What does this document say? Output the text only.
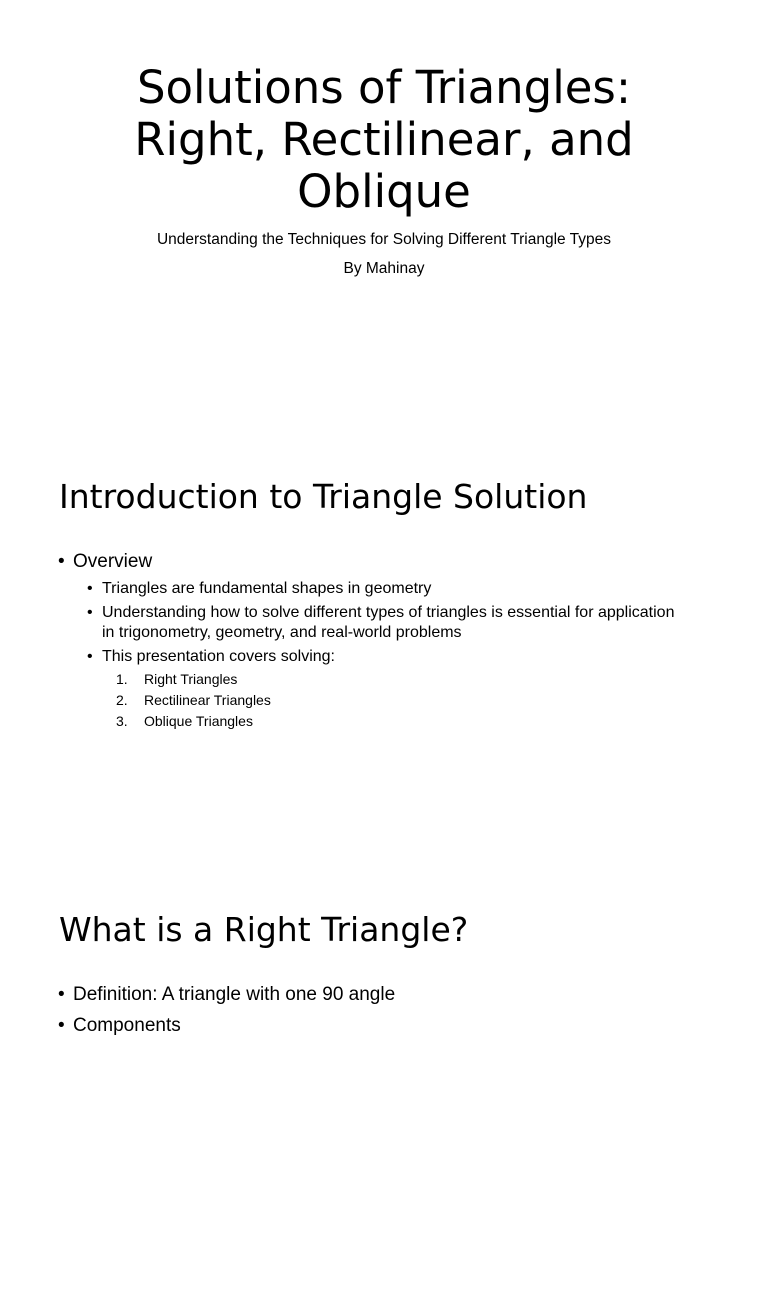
Solutions of Triangles:
Right, Rectilinear, and
Oblique

Understanding the Techniques for Solving Different Triangle Types

By Mahinay

Introduction to Triangle Solution
• Overview
• Triangles are fundamental shapes in geometry
• Understanding how to solve different types of triangles is essential for application in trigonometry, geometry, and real-world problems
• This presentation covers solving:
1. Right Triangles
2. Rectilinear Triangles
3. Oblique Triangles
What is a Right Triangle?
• Definition: A triangle with one 90 angle
• Components
